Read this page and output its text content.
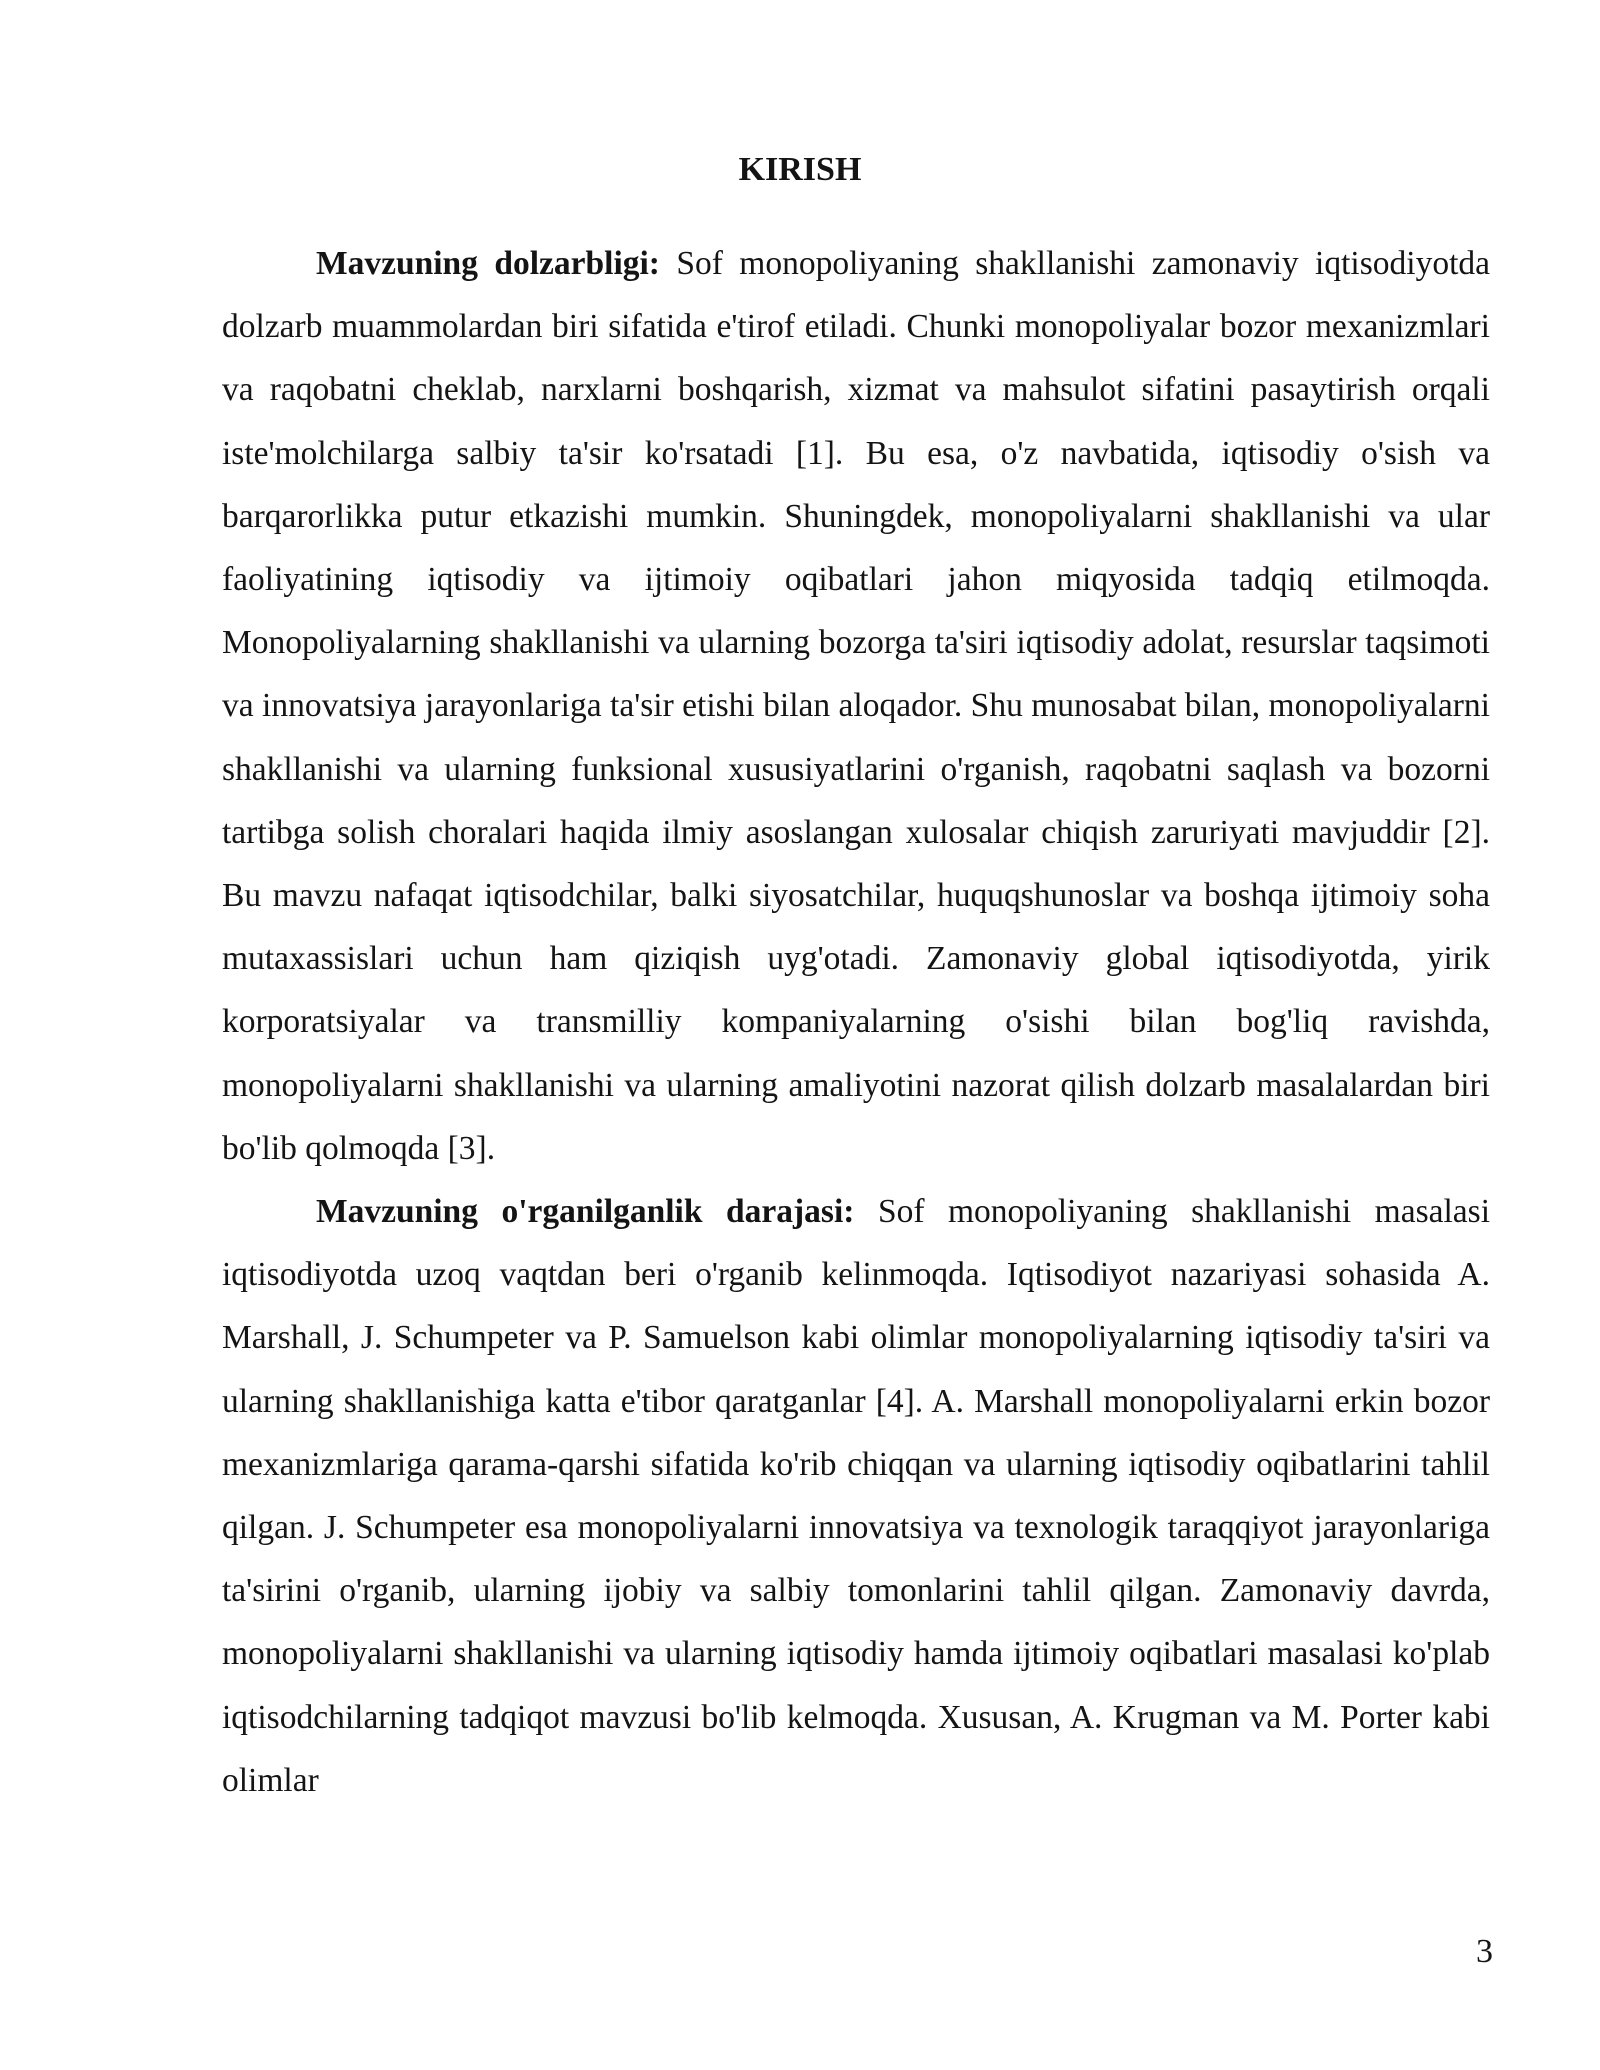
KIRISH

Mavzuning dolzarbligi: Sof monopoliyaning shakllanishi zamonaviy iqtisodiyotda dolzarb muammolardan biri sifatida e'tirof etiladi. Chunki monopoliyalar bozor mexanizmlari va raqobatni cheklab, narxlarni boshqarish, xizmat va mahsulot sifatini pasaytirish orqali iste'molchilarga salbiy ta'sir ko'rsatadi [1]. Bu esa, o'z navbatida, iqtisodiy o'sish va barqarorlikka putur etkazishi mumkin. Shuningdek, monopoliyalarni shakllanishi va ular faoliyatining iqtisodiy va ijtimoiy oqibatlari jahon miqyosida tadqiq etilmoqda. Monopoliyalarning shakllanishi va ularning bozorga ta'siri iqtisodiy adolat, resurslar taqsimoti va innovatsiya jarayonlariga ta'sir etishi bilan aloqador. Shu munosabat bilan, monopoliyalarni shakllanishi va ularning funksional xususiyatlarini o'rganish, raqobatni saqlash va bozorni tartibga solish choralari haqida ilmiy asoslangan xulosalar chiqish zaruriyati mavjuddir [2]. Bu mavzu nafaqat iqtisodchilar, balki siyosatchilar, huquqshunoslar va boshqa ijtimoiy soha mutaxassislari uchun ham qiziqish uyg'otadi. Zamonaviy global iqtisodiyotda, yirik korporatsiyalar va transmilliy kompaniyalarning o'sishi bilan bog'liq ravishda, monopoliyalarni shakllanishi va ularning amaliyotini nazorat qilish dolzarb masalalardan biri bo'lib qolmoqda [3].

Mavzuning o'rganilganlik darajasi: Sof monopoliyaning shakllanishi masalasi iqtisodiyotda uzoq vaqtdan beri o'rganib kelinmoqda. Iqtisodiyot nazariyasi sohasida A. Marshall, J. Schumpeter va P. Samuelson kabi olimlar monopoliyalarning iqtisodiy ta'siri va ularning shakllanishiga katta e'tibor qaratganlar [4]. A. Marshall monopoliyalarni erkin bozor mexanizmlariga qarama-qarshi sifatida ko'rib chiqqan va ularning iqtisodiy oqibatlarini tahlil qilgan. J. Schumpeter esa monopoliyalarni innovatsiya va texnologik taraqqiyot jarayonlariga ta'sirini o'rganib, ularning ijobiy va salbiy tomonlarini tahlil qilgan. Zamonaviy davrda, monopoliyalarni shakllanishi va ularning iqtisodiy hamda ijtimoiy oqibatlari masalasi ko'plab iqtisodchilarning tadqiqot mavzusi bo'lib kelmoqda. Xususan, A. Krugman va M. Porter kabi olimlar

3
